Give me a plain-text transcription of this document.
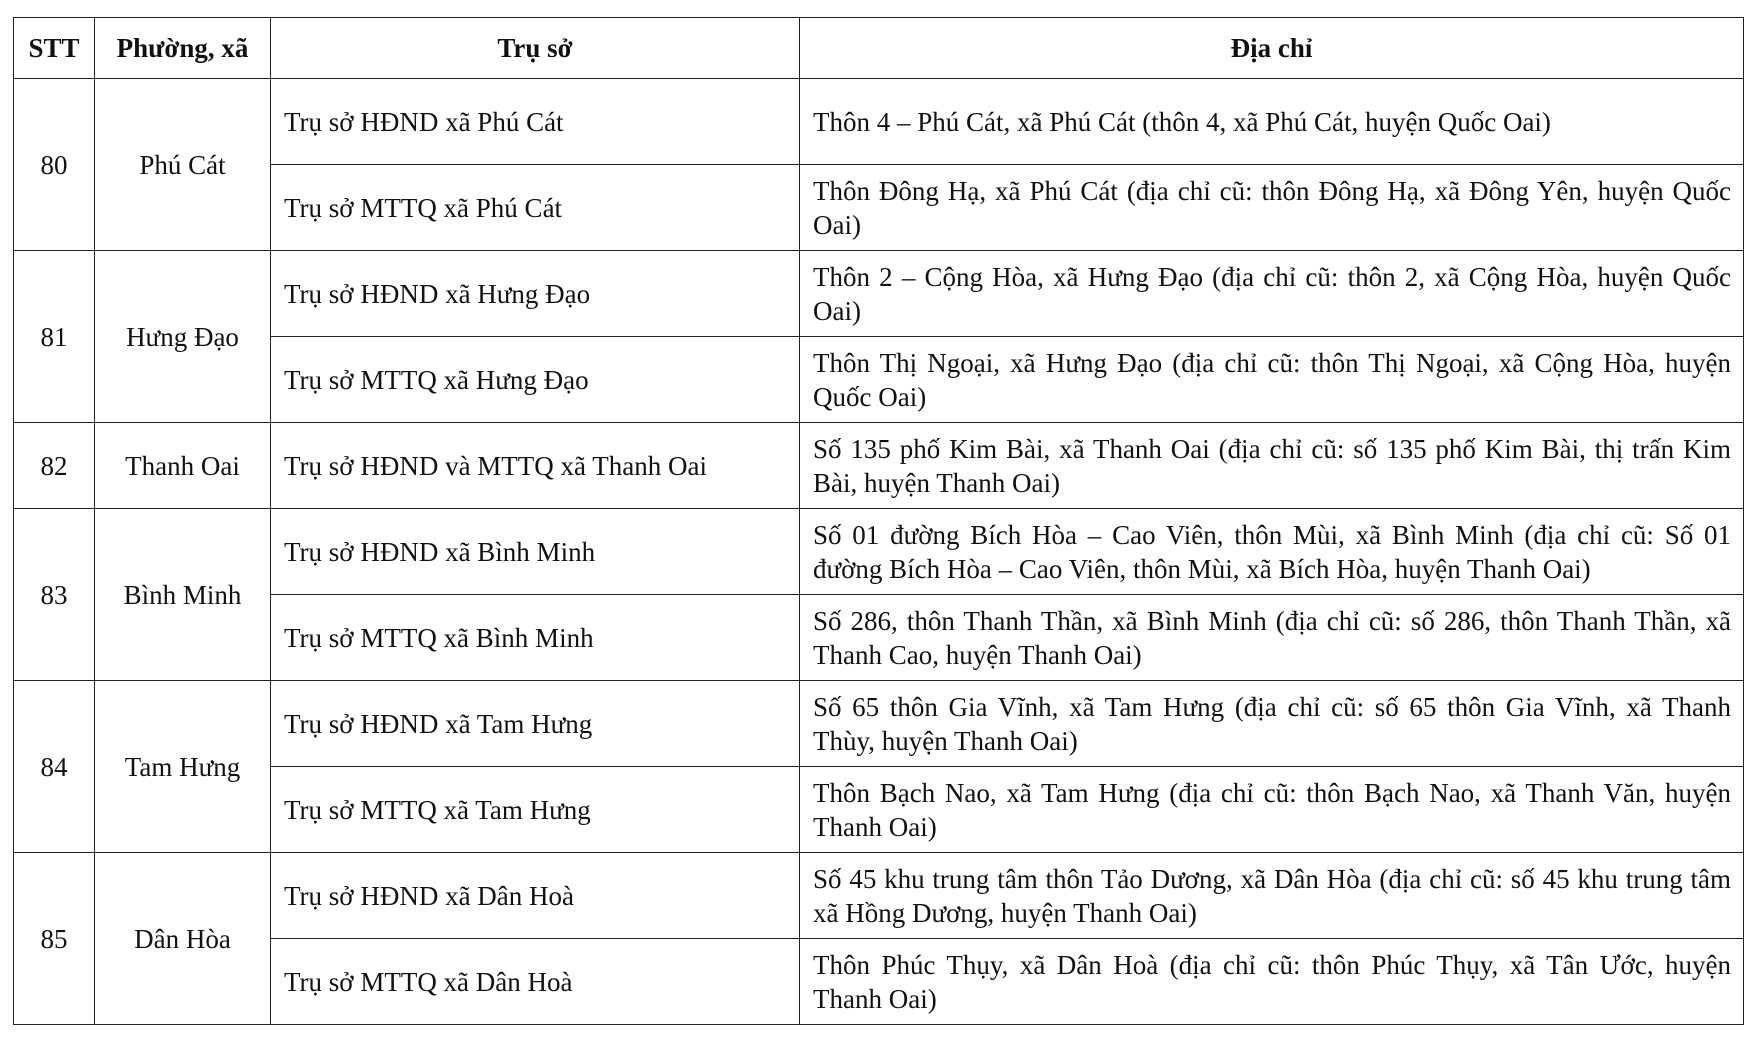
STT	Phường, xã	Trụ sở	Địa chỉ
80	Phú Cát	Trụ sở HĐND xã Phú Cát	Thôn 4 – Phú Cát, xã Phú Cát (thôn 4, xã Phú Cát, huyện Quốc Oai)
		Trụ sở MTTQ xã Phú Cát	Thôn Đông Hạ, xã Phú Cát (địa chỉ cũ: thôn Đông Hạ, xã Đông Yên, huyện Quốc Oai)
81	Hưng Đạo	Trụ sở HĐND xã Hưng Đạo	Thôn 2 – Cộng Hòa, xã Hưng Đạo (địa chỉ cũ: thôn 2, xã Cộng Hòa, huyện Quốc Oai)
		Trụ sở MTTQ xã Hưng Đạo	Thôn Thị Ngoại, xã Hưng Đạo (địa chỉ cũ: thôn Thị Ngoại, xã Cộng Hòa, huyện Quốc Oai)
82	Thanh Oai	Trụ sở HĐND và MTTQ xã Thanh Oai	Số 135 phố Kim Bài, xã Thanh Oai (địa chỉ cũ: số 135 phố Kim Bài, thị trấn Kim Bài, huyện Thanh Oai)
83	Bình Minh	Trụ sở HĐND xã Bình Minh	Số 01 đường Bích Hòa – Cao Viên, thôn Mùi, xã Bình Minh (địa chỉ cũ: Số 01 đường Bích Hòa – Cao Viên, thôn Mùi, xã Bích Hòa, huyện Thanh Oai)
		Trụ sở MTTQ xã Bình Minh	Số 286, thôn Thanh Thần, xã Bình Minh (địa chỉ cũ: số 286, thôn Thanh Thần, xã Thanh Cao, huyện Thanh Oai)
84	Tam Hưng	Trụ sở HĐND xã Tam Hưng	Số 65 thôn Gia Vĩnh, xã Tam Hưng (địa chỉ cũ: số 65 thôn Gia Vĩnh, xã Thanh Thùy, huyện Thanh Oai)
		Trụ sở MTTQ xã Tam Hưng	Thôn Bạch Nao, xã Tam Hưng (địa chỉ cũ: thôn Bạch Nao, xã Thanh Văn, huyện Thanh Oai)
85	Dân Hòa	Trụ sở HĐND xã Dân Hoà	Số 45 khu trung tâm thôn Tảo Dương, xã Dân Hòa (địa chỉ cũ: số 45 khu trung tâm xã Hồng Dương, huyện Thanh Oai)
		Trụ sở MTTQ xã Dân Hoà	Thôn Phúc Thụy, xã Dân Hoà (địa chỉ cũ: thôn Phúc Thụy, xã Tân Ước, huyện Thanh Oai)
